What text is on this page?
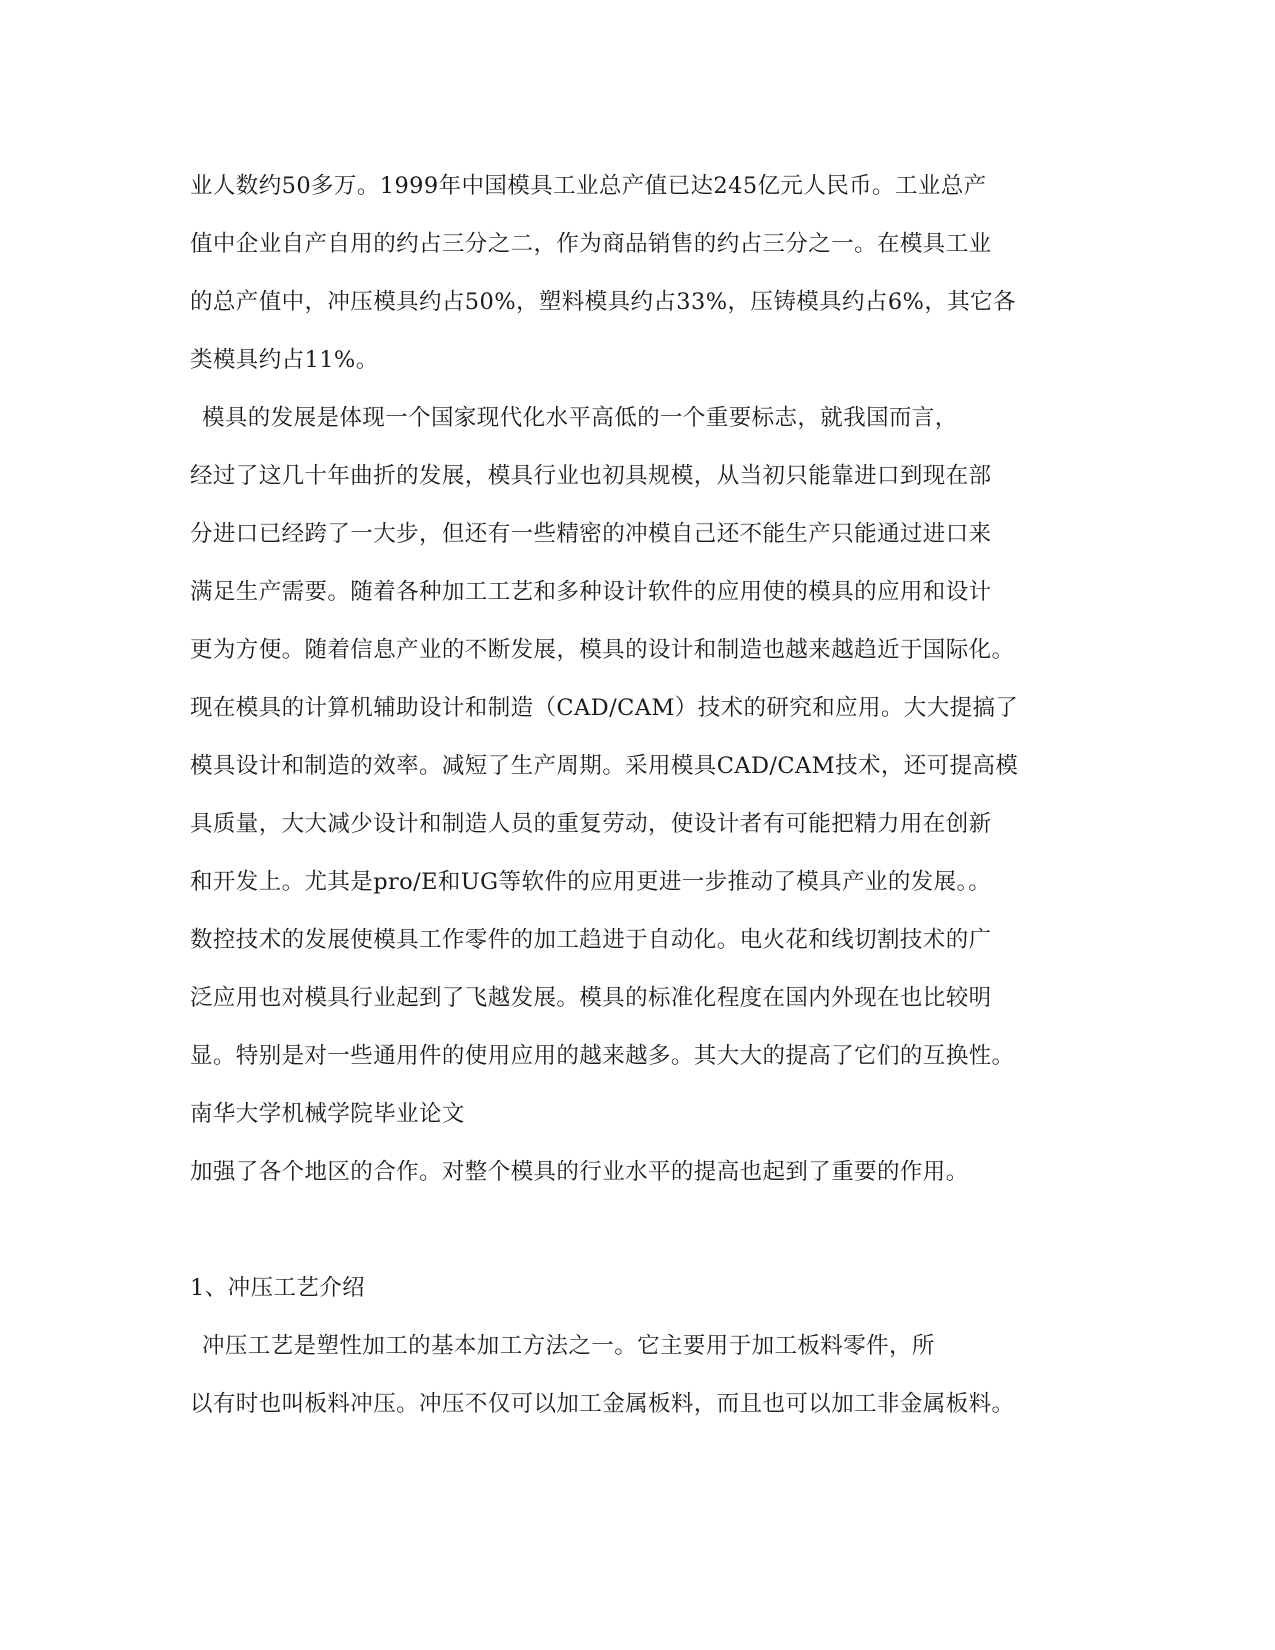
业人数约50多万。1999年中国模具工业总产值已达245亿元人民币。工业总产
值中企业自产自用的约占三分之二，作为商品销售的约占三分之一。在模具工业
的总产值中，冲压模具约占50%，塑料模具约占33%，压铸模具约占6%，其它各
类模具约占11%。
模具的发展是体现一个国家现代化水平高低的一个重要标志，就我国而言，
经过了这几十年曲折的发展，模具行业也初具规模，从当初只能靠进口到现在部
分进口已经跨了一大步，但还有一些精密的冲模自己还不能生产只能通过进口来
满足生产需要。随着各种加工工艺和多种设计软件的应用使的模具的应用和设计
更为方便。随着信息产业的不断发展，模具的设计和制造也越来越趋近于国际化。
现在模具的计算机辅助设计和制造（CAD/CAM）技术的研究和应用。大大提搞了
模具设计和制造的效率。减短了生产周期。采用模具CAD/CAM技术，还可提高模
具质量，大大减少设计和制造人员的重复劳动，使设计者有可能把精力用在创新
和开发上。尤其是pro/E和UG等软件的应用更进一步推动了模具产业的发展。。
数控技术的发展使模具工作零件的加工趋进于自动化。电火花和线切割技术的广
泛应用也对模具行业起到了飞越发展。模具的标准化程度在国内外现在也比较明
显。特别是对一些通用件的使用应用的越来越多。其大大的提高了它们的互换性。
南华大学机械学院毕业论文
加强了各个地区的合作。对整个模具的行业水平的提高也起到了重要的作用。
1、冲压工艺介绍
冲压工艺是塑性加工的基本加工方法之一。它主要用于加工板料零件，所
以有时也叫板料冲压。冲压不仅可以加工金属板料，而且也可以加工非金属板料。
